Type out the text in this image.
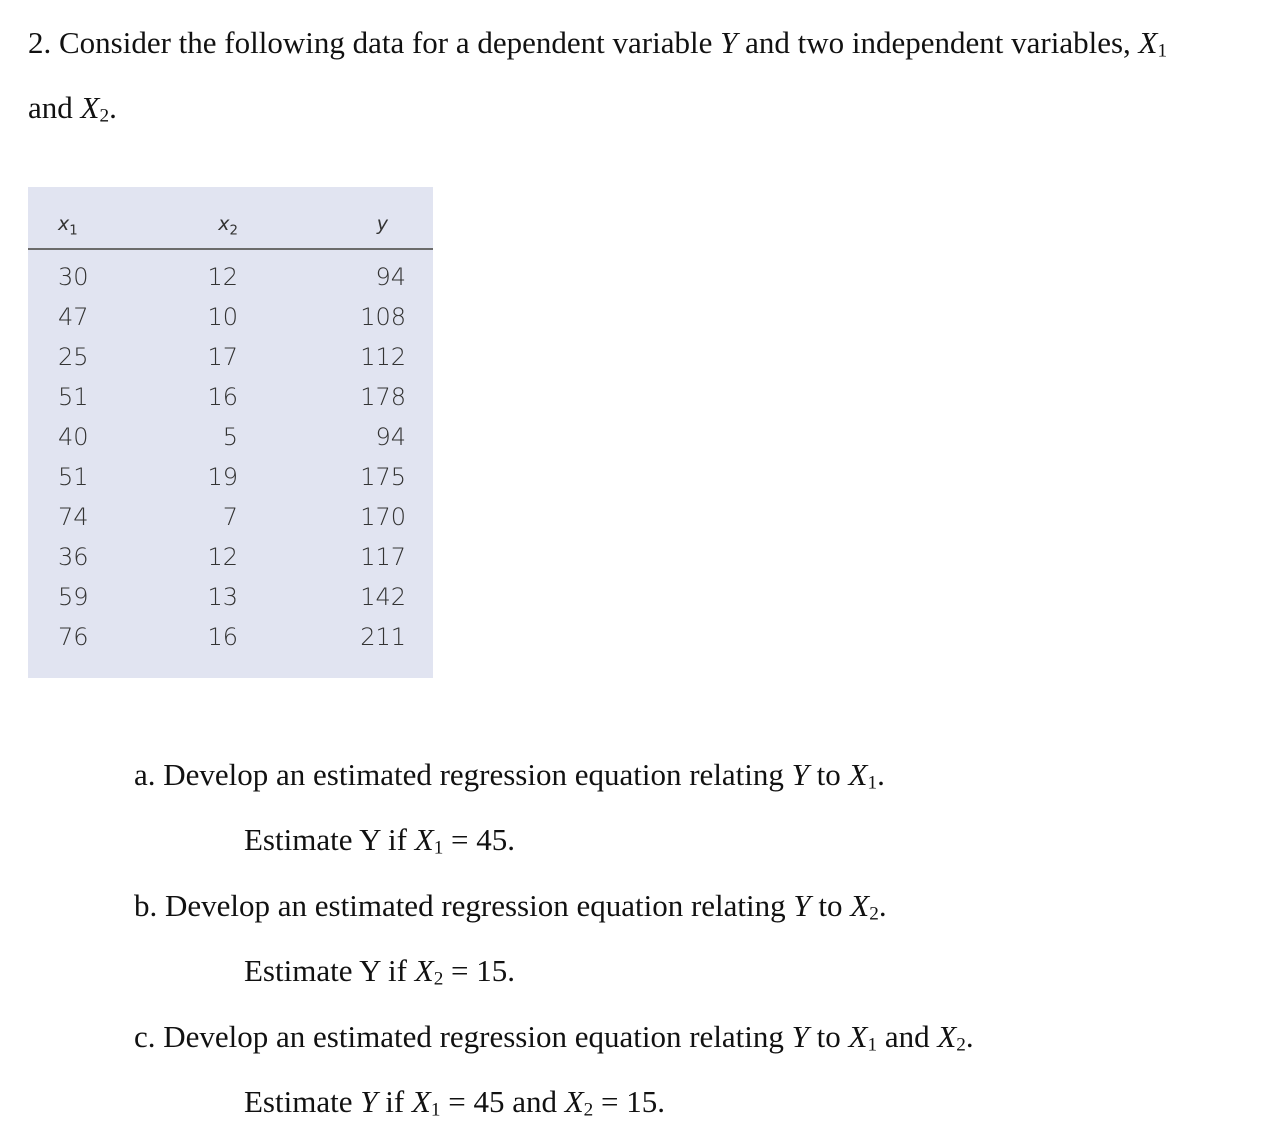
2. Consider the following data for a dependent variable Y and two independent variables, X1
and X2.

$x_1$	$x_2$	y
30	12	94
47	10	108
25	17	112
51	16	178
40	5	94
51	19	175
74	7	170
36	12	117
59	13	142
76	16	211
a. Develop an estimated regression equation relating Y to X1.
Estimate Y if X1 = 45.
b. Develop an estimated regression equation relating Y to X2.
Estimate Y if X2 = 15.
c. Develop an estimated regression equation relating Y to X1 and X2.
Estimate Y if X1 = 45 and X2 = 15.
